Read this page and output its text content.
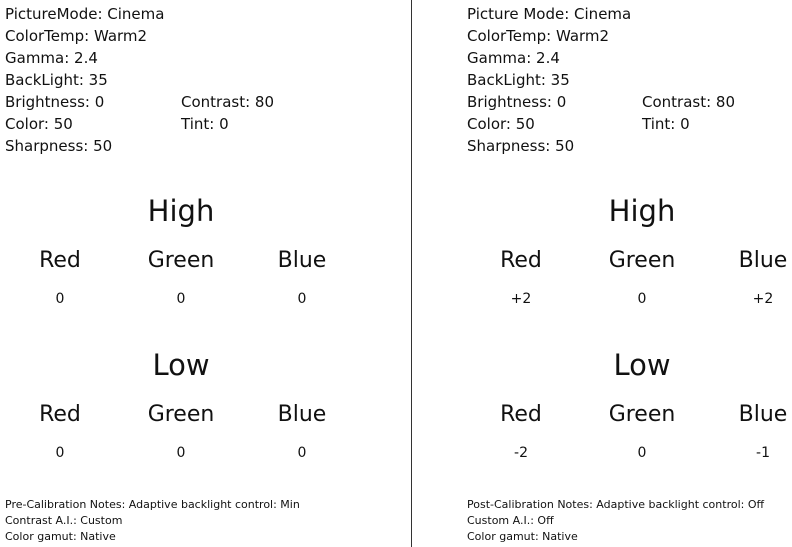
PictureMode: Cinema
ColorTemp: Warm2
Gamma: 2.4
BackLight: 35
Brightness: 0	Contrast: 80
Color: 50	Tint: 0
Sharpness: 50
High
Red	Green	Blue
0	0	0
Low
Red	Green	Blue
0	0	0
Pre-Calibration Notes: Adaptive backlight control: Min
Contrast A.I.: Custom
Color gamut: Native
Picture Mode: Cinema
ColorTemp: Warm2
Gamma: 2.4
BackLight: 35
Brightness: 0	Contrast: 80
Color: 50	Tint: 0
Sharpness: 50
High
Red	Green	Blue
+2	0	+2
Low
Red	Green	Blue
-2	0	-1
Post-Calibration Notes: Adaptive backlight control: Off
Custom A.I.: Off
Color gamut: Native
